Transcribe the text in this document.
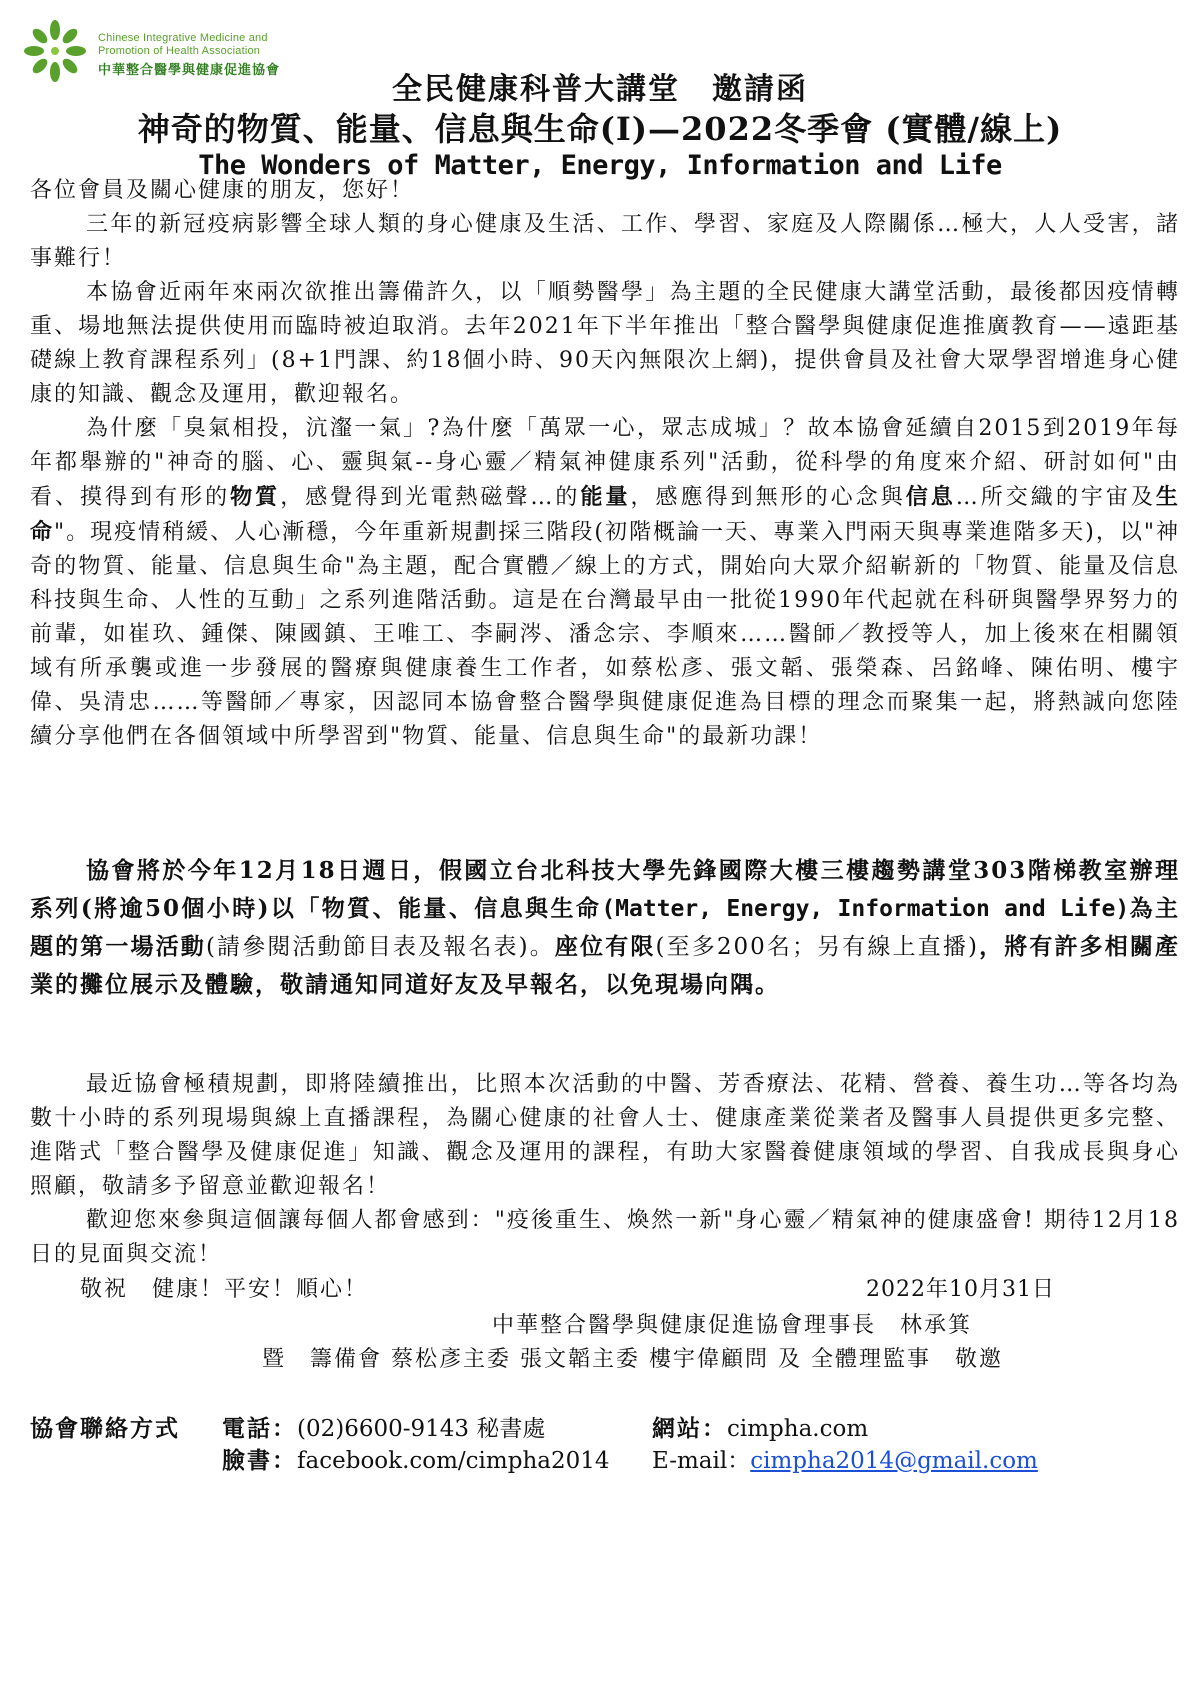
Chinese Integrative Medicine and
Promotion of Health Association
中華整合醫學與健康促進協會
全民健康科普大講堂　邀請函
神奇的物質、能量、信息與生命(Ⅰ)—2022冬季會 (實體/線上)
The Wonders of Matter, Energy, Information and Life

各位會員及關心健康的朋友，您好！

三年的新冠疫病影響全球人類的身心健康及生活、工作、學習、家庭及人際關係…極大，人人受害，諸事難行！

本協會近兩年來兩次欲推出籌備許久，以「順勢醫學」為主題的全民健康大講堂活動，最後都因疫情轉重、場地無法提供使用而臨時被迫取消。去年2021年下半年推出「整合醫學與健康促進推廣教育——遠距基礎線上教育課程系列」(8+1門課、約18個小時、90天內無限次上網)，提供會員及社會大眾學習增進身心健康的知識、觀念及運用，歡迎報名。

為什麼「臭氣相投，沆瀣一氣」?為什麼「萬眾一心，眾志成城」？故本協會延續自2015到2019年每年都舉辦的"神奇的腦、心、靈與氣--身心靈／精氣神健康系列"活動，從科學的角度來介紹、研討如何"由看、摸得到有形的物質，感覺得到光電熱磁聲…的能量，感應得到無形的心念與信息…所交織的宇宙及生命"。現疫情稍緩、人心漸穩，今年重新規劃採三階段(初階概論一天、專業入門兩天與專業進階多天)，以"神奇的物質、能量、信息與生命"為主題，配合實體／線上的方式，開始向大眾介紹嶄新的「物質、能量及信息科技與生命、人性的互動」之系列進階活動。這是在台灣最早由一批從1990年代起就在科研與醫學界努力的前輩，如崔玖、鍾傑、陳國鎮、王唯工、李嗣涔、潘念宗、李順來……醫師／教授等人，加上後來在相關領域有所承襲或進一步發展的醫療與健康養生工作者，如蔡松彥、張文韜、張榮森、呂銘峰、陳佑明、樓宇偉、吳清忠……等醫師／專家，因認同本協會整合醫學與健康促進為目標的理念而聚集一起，將熱誠向您陸續分享他們在各個領域中所學習到"物質、能量、信息與生命"的最新功課！

協會將於今年12月18日週日，假國立台北科技大學先鋒國際大樓三樓趨勢講堂303階梯教室辦理系列(將逾50個小時)以「物質、能量、信息與生命(Matter, Energy, Information and Life)為主題的第一場活動(請參閱活動節目表及報名表)。座位有限(至多200名；另有線上直播)，將有許多相關產業的攤位展示及體驗，敬請通知同道好友及早報名，以免現場向隅。

最近協會極積規劃，即將陸續推出，比照本次活動的中醫、芳香療法、花精、營養、養生功…等各均為數十小時的系列現場與線上直播課程，為關心健康的社會人士、健康產業從業者及醫事人員提供更多完整、進階式「整合醫學及健康促進」知識、觀念及運用的課程，有助大家醫養健康領域的學習、自我成長與身心照顧，敬請多予留意並歡迎報名！

歡迎您來參與這個讓每個人都會感到："疫後重生、煥然一新"身心靈／精氣神的健康盛會! 期待12月18日的見面與交流！

敬祝　健康！平安！順心！	2022年10月31日
中華整合醫學與健康促進協會理事長　林承箕
暨　籌備會 蔡松彥主委 張文韜主委 樓宇偉顧問 及 全體理監事　敬邀
協會聯絡方式 電話：(02)6600-9143 秘書處	網站：cimpha.com
臉書：facebook.com/cimpha2014 E-mail：cimpha2014@gmail.com
